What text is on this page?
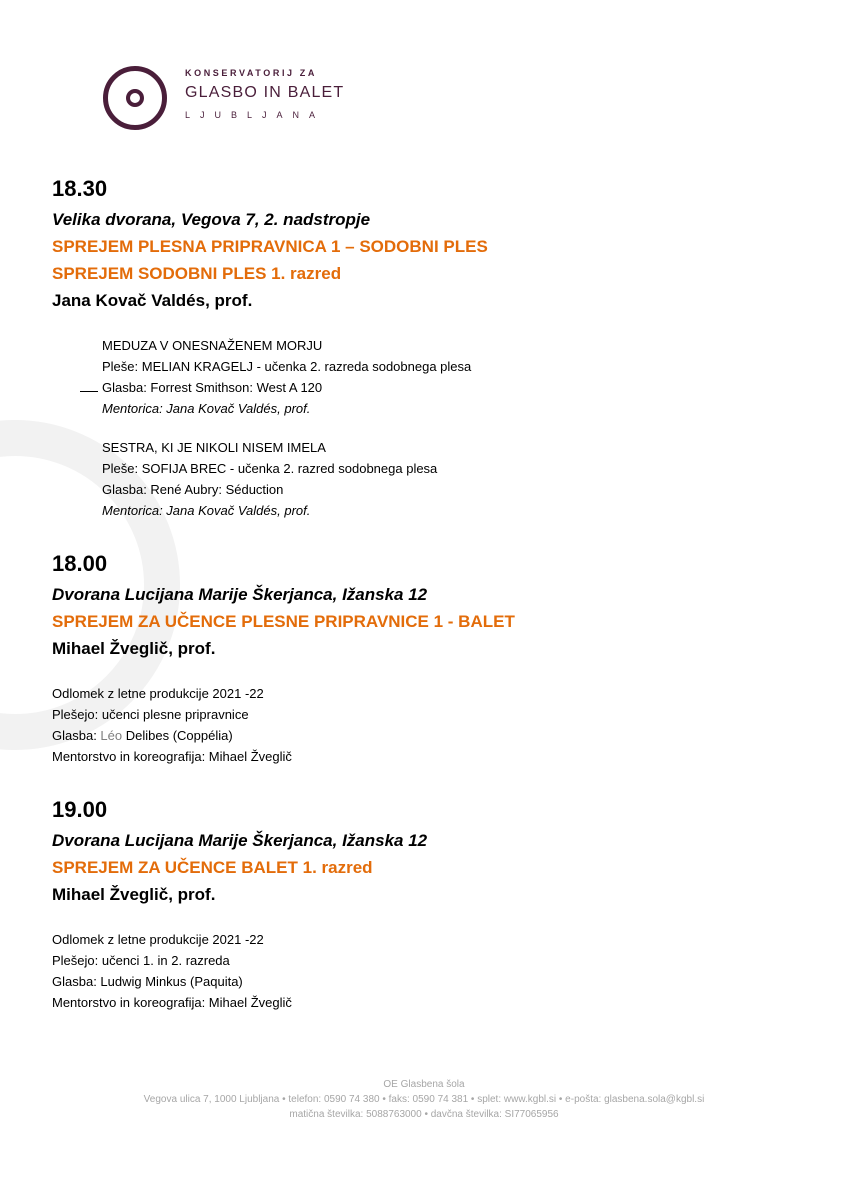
KONSERVATORIJ ZA
GLASBO IN BALET
LJUBLJANA
18.30
Velika dvorana, Vegova 7, 2. nadstropje
SPREJEM PLESNA PRIPRAVNICA 1 – SODOBNI PLES
SPREJEM SODOBNI PLES 1. razred
Jana Kovač Valdés, prof.
MEDUZA V ONESNAŽENEM MORJU
Pleše: MELIAN KRAGELJ - učenka 2. razreda sodobnega plesa
Glasba: Forrest Smithson: West A 120
Mentorica: Jana Kovač Valdés, prof.
SESTRA, KI JE NIKOLI NISEM IMELA
Pleše: SOFIJA BREC - učenka 2. razred sodobnega plesa
Glasba: René Aubry: Séduction
Mentorica: Jana Kovač Valdés, prof.
18.00
Dvorana Lucijana Marije Škerjanca, Ižanska 12
SPREJEM ZA UČENCE PLESNE PRIPRAVNICE 1 - BALET
Mihael Žveglič, prof.
Odlomek z letne produkcije 2021 -22
Plešejo: učenci plesne pripravnice
Glasba: Léo Delibes (Coppélia)
Mentorstvo in koreografija: Mihael Žveglič
19.00
Dvorana Lucijana Marije Škerjanca, Ižanska 12
SPREJEM ZA UČENCE BALET 1. razred
Mihael Žveglič, prof.
Odlomek z letne produkcije 2021 -22
Plešejo: učenci 1. in 2. razreda
Glasba: Ludwig Minkus (Paquita)
Mentorstvo in koreografija: Mihael Žveglič
OE Glasbena šola
Vegova ulica 7, 1000 Ljubljana • telefon: 0590 74 380 • faks: 0590 74 381 • splet: www.kgbl.si • e-pošta: glasbena.sola@kgbl.si
matična številka: 5088763000 • davčna številka: SI77065956
